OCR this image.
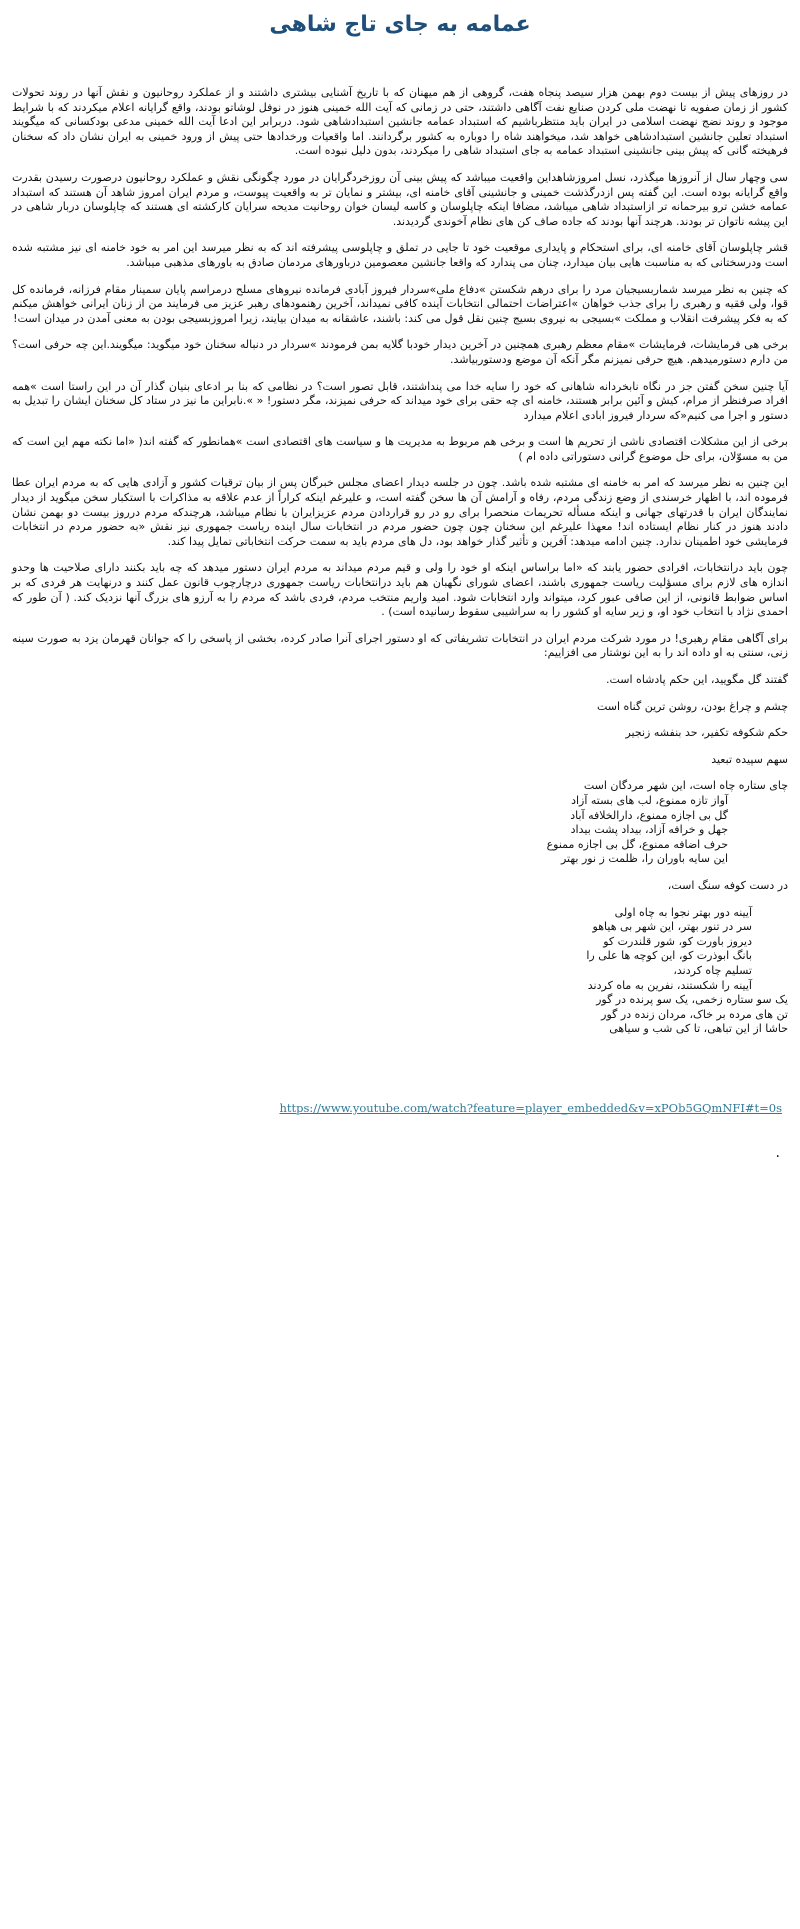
عمامه به جای تاج شاهی

در روزهای پیش از بیست دوم بهمن هزار سیصد پنجاه هفت، گروهی از هم میهنان که با تاریخ آشنایی بیشتری داشتند و از عملکرد روحانیون و نقش آنها در روند تحولات کشور از زمان صفویه تا نهضت ملی کردن صنایع نفت آگاهی داشتند، حتی در زمانی که آیت الله خمینی هنوز در نوفل لوشاتو بودند، واقع گرایانه اعلام میکردند که با شرایط موجود و روند نضج نهضت اسلامی در ایران باید منتظرباشیم که استبداد عمامه جانشین استبدادشاهی شود. دربرابر این ادعا آیت الله خمینی مدعی بودکسانی که میگویند استبداد تعلین جانشین استبدادشاهی خواهد شد، میخواهند شاه را دوباره به کشور برگردانند. اما واقعیات ورخدادها حتی پیش از ورود خمینی به ایران نشان داد که سخنان فرهیخته گانی که پیش بینی جانشینی استبداد عمامه به جای استبداد شاهی را میکردند، بدون دلیل نبوده است.

سی وچهار سال از آنروزها میگذرد، نسل امروزشاهداین واقعیت میباشد که پیش بینی آن روزخردگرایان در مورد چگونگی نقش و عملکرد روحانیون درصورت رسیدن بقدرت واقع گرایانه بوده است. این گفته پس ازدرگذشت خمینی و جانشینی آقای خامنه ای، بیشتر و نمایان تر به واقعیت پیوست، و مردم ایران امروز شاهد آن هستند که استبداد عمامه خشن ترو بیرحمانه تر ازاستبداد شاهی میباشد، مضافا اینکه چاپلوسان و کاسه لیسان خوان روحانیت مدیحه سرایان کارکشته ای هستند که چاپلوسان دربار شاهی در این پیشه ناتوان تر بودند. هرچند آنها بودند که جاده صاف کن های نظام آخوندی گردیدند.

قشر چاپلوسان آقای خامنه ای، برای استحکام و پایداری موقعیت خود تا جایی در تملق و چاپلوسی پیشرفته اند که به نظر میرسد این امر به خود خامنه ای نیز مشتبه شده است ودرسختانی که به مناسبت هایی بیان میدارد، چنان می پندارد که واقعا جانشین معصومین درباورهای مردمان صادق به باورهای مذهبی میباشد.

که چنین به نظر میرسد شماربسیجیان مرد را برای درهم شکستن »دفاع ملی»سردار فیروز آبادی فرمانده نیروهای مسلح درمراسم پایان سمینار مقام فرزانه، فرمانده کل قوا، ولی فقیه و رهبری را برای جذب خواهان »اعتراضات احتمالی انتخابات آینده کافی نمیداند، آخرین رهنمودهای رهبر عزیز می فرمایند من از زنان ایرانی خواهش میکنم که به فکر پیشرفت انقلاب و مملکت »بسیجی به نیروی بسیج چنین نقل قول می کند: باشند، عاشقانه به میدان بیایند، زیرا امروزبسیجی بودن به معنی آمدن در میدان است!

برخی هی فرمایشات، فرمایشات »مقام معظم رهبری همچنین در آخرین دیدار خودبا گلایه بمن فرمودند »سردار در دنباله سخنان خود میگوید: میگویند.این چه حرفی است؟ من دارم دستورمیدهم. هیچ حرفی نمیزنم مگر آنکه آن موضع ودستوربیاشد.

آیا چنین سخن گفتن جز در نگاه نابخردانه شاهانی که خود را سایه خدا می پنداشتند، قابل تصور است؟ در نظامی که بنا بر ادعای بنیان گذار آن در این راستا است »همه افراد صرفنظر از مرام، کیش و آئین برابر هستند، خامنه ای چه حقی برای خود میداند که حرفی نمیزند، مگر دستور! « ».نابراین ما نیز در ستاد کل سخنان ایشان را تبدیل به دستور و اجرا می کنیم«که سردار فیروز ابادی اعلام میدارد

برخی از این مشکلات اقتصادی ناشی از تحریم ها است و برخی هم مربوط به مدیریت ها و سیاست های اقتصادی است »همانطور که گفته اند( «اما نکته مهم این است که من به مسوّلان، برای حل موضوع گرانی دستوراتی داده ام )

این چنین به نظر میرسد که امر به خامنه ای مشتبه شده باشد. چون در جلسه دیدار اعضای مجلس خبرگان پس از بیان ترقیات کشور و آزادی هایی که به مردم ایران عطا فرموده اند، با اظهار خرسندی از وضع زندگی مردم، رفاه و آرامش آن ها سخن گفته است، و علیرغم اینکه کراراً از عدم علاقه به مذاکرات با استکبار سخن میگوید از دیدار نمایندگان ایران با قدرتهای جهانی و اینکه مسأله تحریمات منحصرا برای رو در رو قراردادن مردم عزیزایران با نظام میباشد، هرچندکه مردم درروز بیست دو بهمن نشان دادند هنوز در کنار نظام ایستاده اند! معهذا علیرغم این سخنان چون چون حضور مردم در انتخابات سال اینده ریاست جمهوری نیز نقش «به حضور مردم در انتخابات فرمایشی خود اطمینان ندارد. چنین ادامه میدهد: آفرین و تأثیر گذار خواهد بود، دل های مردم باید به سمت حرکت انتخاباتی تمایل پیدا کند.

چون باید درانتخابات، افرادی حضور یابند که «اما براساس اینکه او خود را ولی و قیم مردم میداند به مردم ایران دستور میدهد که چه باید بکنند دارای صلاحیت ها وحدو اندازه های لازم برای مسؤلیت ریاست جمهوری باشند، اعضای شورای نگهبان هم باید درانتخابات ریاست جمهوری درچارچوب قانون عمل کنند و درنهایت هر فردی که بر اساس ضوابط قانونی، از این صافی عبور کرد، میتواند وارد انتخابات شود. امید واریم منتخب مردم، فردی باشد که مردم را به آرزو های بزرگ آنها نزدیک کند. ( آن طور که احمدی نژاد با انتخاب خود او، و زیر سایه او کشور را به سراشیبی سقوط رسانیده است) .

برای آگاهی مقام رهبری! در مورد شرکت مردم ایران در انتخابات تشریفاتی که او دستور اجرای آنرا صادر کرده، بخشی از پاسخی را که جوانان قهرمان یزد به صورت سینه زنی، سنتی به او داده اند را به این نوشتار می افزاییم:

گفتند گل مگویید، این حکم پادشاه است.
چشم و چراغ بودن، روشن ترین گناه است
حکم شکوفه تکفیر، حد بنفشه زنجیر
سهم سپیده تبعید
چای ستاره چاه است، این شهر مردگان است
آواز تازه ممنوع، لب های بسته آزاد
گل بی اجازه ممنوع، دارالخلافه آباد
جهل و خرافه آزاد، بیداد پشت بیداد
حرف اضافه ممنوع، گل بی اجازه ممنوع
این سایه باوران را، ظلمت ز نور بهتر
در دست کوفه سنگ است،
آیینه دور بهتر نجوا به چاه اولی
سر در تنور بهتر، این شهر بی هیاهو
دیروز باورت کو، شور قلندرت کو
بانگ ابوذرت کو، این کوچه ها علی را
تسلیم چاه کردند،
آیینه را شکستند، نفرین به ماه کردند
یک سو ستاره زخمی، یک سو پرنده در گور
تن های مرده بر خاک، مردان زنده در گور
حاشا از این تباهی، تا کی شب و سیاهی
https://www.youtube.com/watch?feature=player_embedded&v=xPOb5GQmNFI#t=0s
.
